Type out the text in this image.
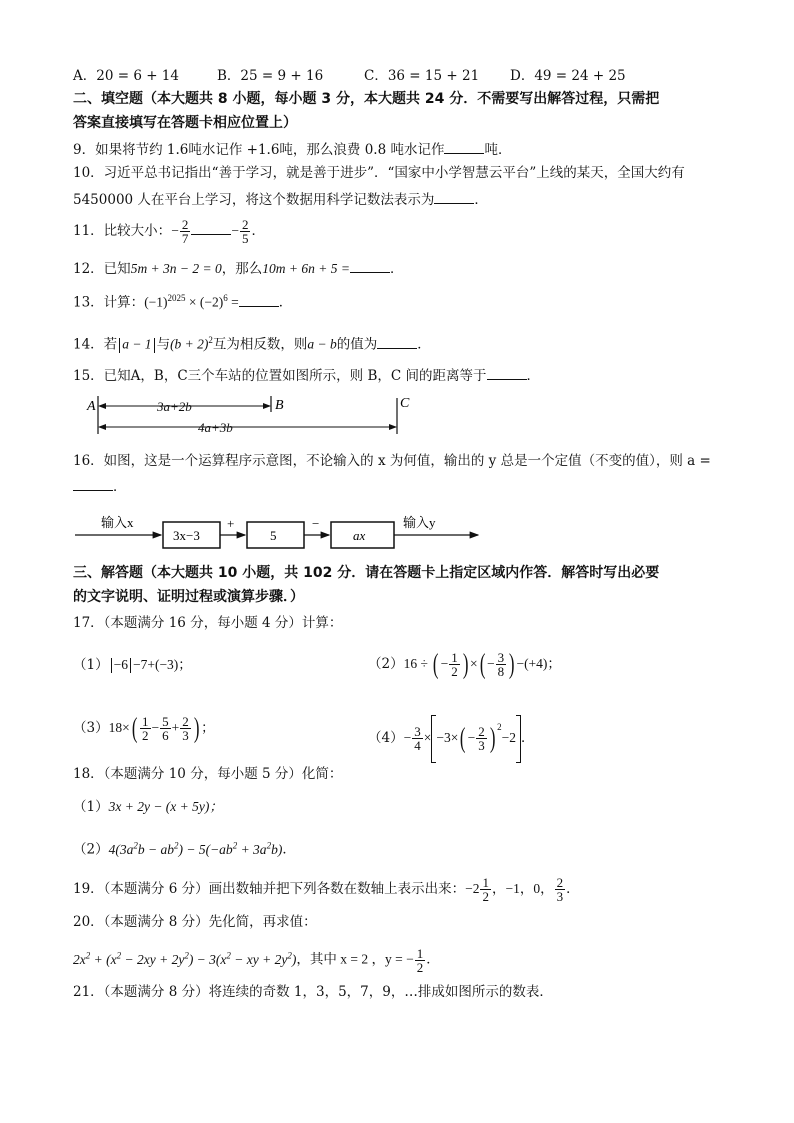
A．20 = 6 + 14	B．25 = 9 + 16	C．36 = 15 + 21 D．49 = 24 + 25
二、填空题（本大题共 8 小题，每小题 3 分，本大题共 24 分．不需要写出解答过程，只需把
答案直接填写在答题卡相应位置上）
9．如果将节约 1.6吨水记作 +1.6吨，那么浪费 0.8 吨水记作	吨．
10．习近平总书记指出“善于学习，就是善于进步”．“国家中小学智慧云平台”上线的某天，全国大约有
5450000 人在平台上学习，将这个数据用科学记数法表示为	．
11．比较大小：− $\frac{2}{7}$	− $\frac{2}{5}$ ．
12．已知5m + 3n − 2 = 0，那么10m + 6n + 5 =	．
13．计算：$(-1)^{2025} \times (-2)^6$ =	．
14．若 a − 1 与$(b + 2)^2$互为相反数，则a − b的值为	．
15．已知A，B，C三个车站的位置如图所示，则 B，C 间的距离等于	．
A	B	C
3a+2b
4a+3b
16．如图，这是一个运算程序示意图，不论输入的 x 为何值，输出的 y 总是一个定值（不变的值），则 a =
．
输入x
3x−3
+
5
−
ax
输入y
三、解答题（本大题共 10 小题，共 102 分．请在答题卡上指定区域内作答．解答时写出必要
的文字说明、证明过程或演算步骤．）
17．（本题满分 16 分，每小题 4 分）计算：
（1） −6 −7+(−3)；	（2）16 ÷ ( − $\frac{1}{2}$ ) ×( − $\frac{3}{8}$ ) −(+4)；
$(3)18\times( \frac{1}{2} - \frac{5}{6} + \frac{2}{3}$ ) ；
$(4)- \frac{3}{4} \times -3\times( - \frac{2}{3}$ ) $^2$−2 ．
18．（本题满分 10 分，每小题 5 分）化简：
（1）3x + 2y − (x + 5y)；
$(2)4(3a^2b - ab^2) - 5(-ab^2 + 3a^2b)$．
19．（本题满分 6 分）画出数轴并把下列各数在数轴上表示出来：$-2 \frac{1}{2}$ ，−1，0， $\frac{2}{3}$ ．
20．（本题满分 8 分）先化简，再求值：
$2x^2 + (x^2 - 2xy + 2y^2) - 3(x^2$ − xy + $2y^2$)，其中 x = 2 ，y = − $\frac{1}{2}$ ．
21．（本题满分 8 分）将连续的奇数 1，3，5，7，9，…排成如图所示的数表．
